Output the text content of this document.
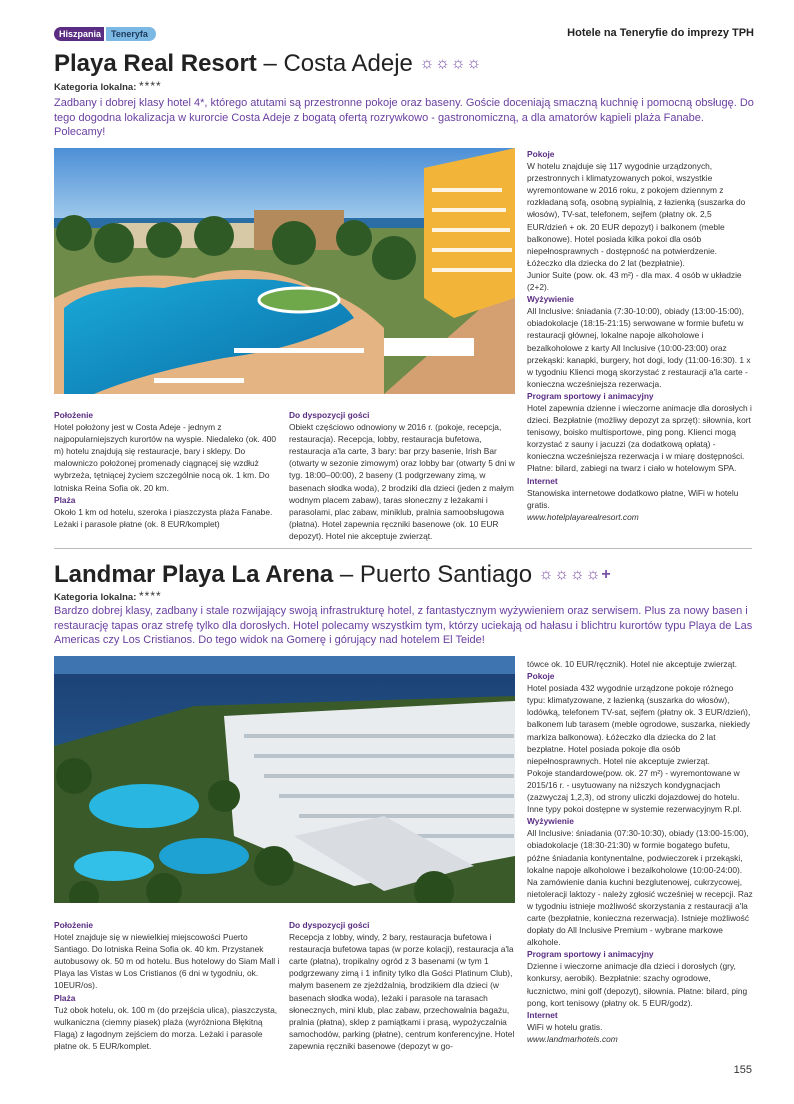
Hiszpania	Teneryfa	Hotele na Teneryfie do imprezy TPH
Playa Real Resort – Costa Adeje ☼☼☼☼
Kategoria lokalna: ****
Zadbany i dobrej klasy hotel 4*, którego atutami są przestronne pokoje oraz baseny. Goście doceniają smaczną kuchnię i pomocną obsługę. Do tego dogodna lokalizacja w kurorcie Costa Adeje z bogatą ofertą rozrywkowo - gastronomiczną, a dla amatorów kąpieli plaża Fanabe. Polecamy!
Położenie

Hotel położony jest w Costa Adeje - jednym z najpopularniejszych kurortów na wyspie. Niedaleko (ok. 400 m) hotelu znajdują się restauracje, bary i sklepy. Do malowniczo położonej promenady ciągnącej się wzdłuż wybrzeża, tętniącej życiem szczególnie nocą ok. 1 km. Do lotniska Reina Sofia ok. 20 km.

Plaża

Około 1 km od hotelu, szeroka i piaszczysta plaża Fanabe. Leżaki i parasole płatne (ok. 8 EUR/komplet)

Do dyspozycji gości

Obiekt częściowo odnowiony w 2016 r. (pokoje, recepcja, restauracja). Recepcja, lobby, restauracja bufetowa, restauracja a'la carte, 3 bary: bar przy basenie, Irish Bar (otwarty w sezonie zimowym) oraz lobby bar (otwarty 5 dni w tyg. 18:00–00:00), 2 baseny (1 podgrzewany zimą, w basenach słodka woda), 2 brodziki dla dzieci (jeden z małym wodnym placem zabaw), taras słoneczny z leżakami i parasolami, plac zabaw, miniklub, pralnia samoobsługowa (płatna). Hotel zapewnia ręczniki basenowe (ok. 10 EUR depozyt). Hotel nie akceptuje zwierząt.

Pokoje

W hotelu znajduje się 117 wygodnie urządzonych, przestronnych i klimatyzowanych pokoi, wszystkie wyremontowane w 2016 roku, z pokojem dziennym z rozkładaną sofą, osobną sypialnią, z łazienką (suszarka do włosów), TV-sat, telefonem, sejfem (płatny ok. 2,5 EUR/dzień + ok. 20 EUR depozyt) i balkonem (meble balkonowe). Hotel posiada kilka pokoi dla osób niepełnosprawnych - dostępność na potwierdzenie. Łóżeczko dla dziecka do 2 lat (bezpłatnie).

Junior Suite (pow. ok. 43 m²) - dla max. 4 osób w układzie (2+2).

Wyżywienie

All Inclusive: śniadania (7:30-10:00), obiady (13:00-15:00), obiadokolacje (18:15-21:15) serwowane w formie bufetu w restauracji głównej, lokalne napoje alkoholowe i bezalkoholowe z karty All Inclusive (10:00-23:00) oraz przekąski: kanapki, burgery, hot dogi, lody (11:00-16:30). 1 x w tygodniu Klienci mogą skorzystać z restauracji a'la carte - konieczna wcześniejsza rezerwacja.

Program sportowy i animacyjny

Hotel zapewnia dzienne i wieczorne animacje dla dorosłych i dzieci. Bezpłatnie (możliwy depozyt za sprzęt): siłownia, kort tenisowy, boisko multisportowe, ping pong. Klienci mogą korzystać z sauny i jacuzzi (za dodatkową opłatą) - konieczna wcześniejsza rezerwacja i w miarę dostępności. Płatne: bilard, zabiegi na twarz i ciało w hotelowym SPA.

Internet

Stanowiska internetowe dodatkowo płatne, WiFi w hotelu gratis.

www.hotelplayarealresort.com

Landmar Playa La Arena – Puerto Santiago ☼☼☼☼+
Kategoria lokalna: ****
Bardzo dobrej klasy, zadbany i stale rozwijający swoją infrastrukturę hotel, z fantastycznym wyżywieniem oraz serwisem. Plus za nowy basen i restaurację tapas oraz strefę tylko dla dorosłych. Hotel polecamy wszystkim tym, którzy uciekają od hałasu i blichtru kurortów typu Playa de Las Americas czy Los Cristianos. Do tego widok na Gomerę i górujący nad hotelem El Teide!
Położenie

Hotel znajduje się w niewielkiej miejscowości Puerto Santiago. Do lotniska Reina Sofia ok. 40 km. Przystanek autobusowy ok. 50 m od hotelu. Bus hotelowy do Siam Mall i Playa las Vistas w Los Cristianos (6 dni w tygodniu, ok. 10EUR/os).

Plaża

Tuż obok hotelu, ok. 100 m (do przejścia ulica), piaszczysta, wulkaniczna (ciemny piasek) plaża (wyróżniona Błękitną Flagą) z łagodnym zejściem do morza. Leżaki i parasole płatne ok. 5 EUR/komplet.

Do dyspozycji gości

Recepcja z lobby, windy, 2 bary, restauracja bufetowa i restauracja bufetowa tapas (w porze kolacji), restauracja a'la carte (płatna), tropikalny ogród z 3 basenami (w tym 1 podgrzewany zimą i 1 infinity tylko dla Gości Platinum Club), małym basenem ze zjeżdżalnią, brodzikiem dla dzieci (w basenach słodka woda), leżaki i parasole na tarasach słonecznych, mini klub, plac zabaw, przechowalnia bagażu, pralnia (płatna), sklep z pamiątkami i prasą, wypożyczalnia samochodów, parking (płatne), centrum konferencyjne. Hotel zapewnia ręczniki basenowe (depozyt w go-

tówce ok. 10 EUR/ręcznik). Hotel nie akceptuje zwierząt.

Pokoje

Hotel posiada 432 wygodnie urządzone pokoje różnego typu: klimatyzowane, z łazienką (suszarka do włosów), lodówką, telefonem TV-sat, sejfem (płatny ok. 3 EUR/dzień), balkonem lub tarasem (meble ogrodowe, suszarka, niekiedy markiza balkonowa). Łóżeczko dla dziecka do 2 lat bezpłatne. Hotel posiada pokoje dla osób niepełnosprawnych. Hotel nie akceptuje zwierząt.

Pokoje standardowe(pow. ok. 27 m²) - wyremontowane w 2015/16 r. - usytuowany na niższych kondygnacjach (zazwyczaj 1,2,3), od strony uliczki dojazdowej do hotelu.

Inne typy pokoi dostępne w systemie rezerwacyjnym R.pl.

Wyżywienie

All Inclusive: śniadania (07:30-10:30), obiady (13:00-15:00), obiadokolacje (18:30-21:30) w formie bogatego bufetu, późne śniadania kontynentalne, podwieczorek i przekąski, lokalne napoje alkoholowe i bezalkoholowe (10:00-24:00). Na zamówienie dania kuchni bezglutenowej, cukrzycowej, nietoleracji laktozy - należy zgłosić wcześniej w recepcji. Raz w tygodniu istnieje możliwość skorzystania z restauracji a'la carte (bezpłatnie, konieczna rezerwacja). Istnieje możliwość dopłaty do All Inclusive Premium - wybrane markowe alkohole.

Program sportowy i animacyjny

Dzienne i wieczorne animacje dla dzieci i dorosłych (gry, konkursy, aerobik). Bezpłatnie: szachy ogrodowe, łucznictwo, mini golf (depozyt), siłownia. Płatne: bilard, ping pong, kort tenisowy (płatny ok. 5 EUR/godz).

Internet

WiFi w hotelu gratis.

www.landmarhotels.com

155
